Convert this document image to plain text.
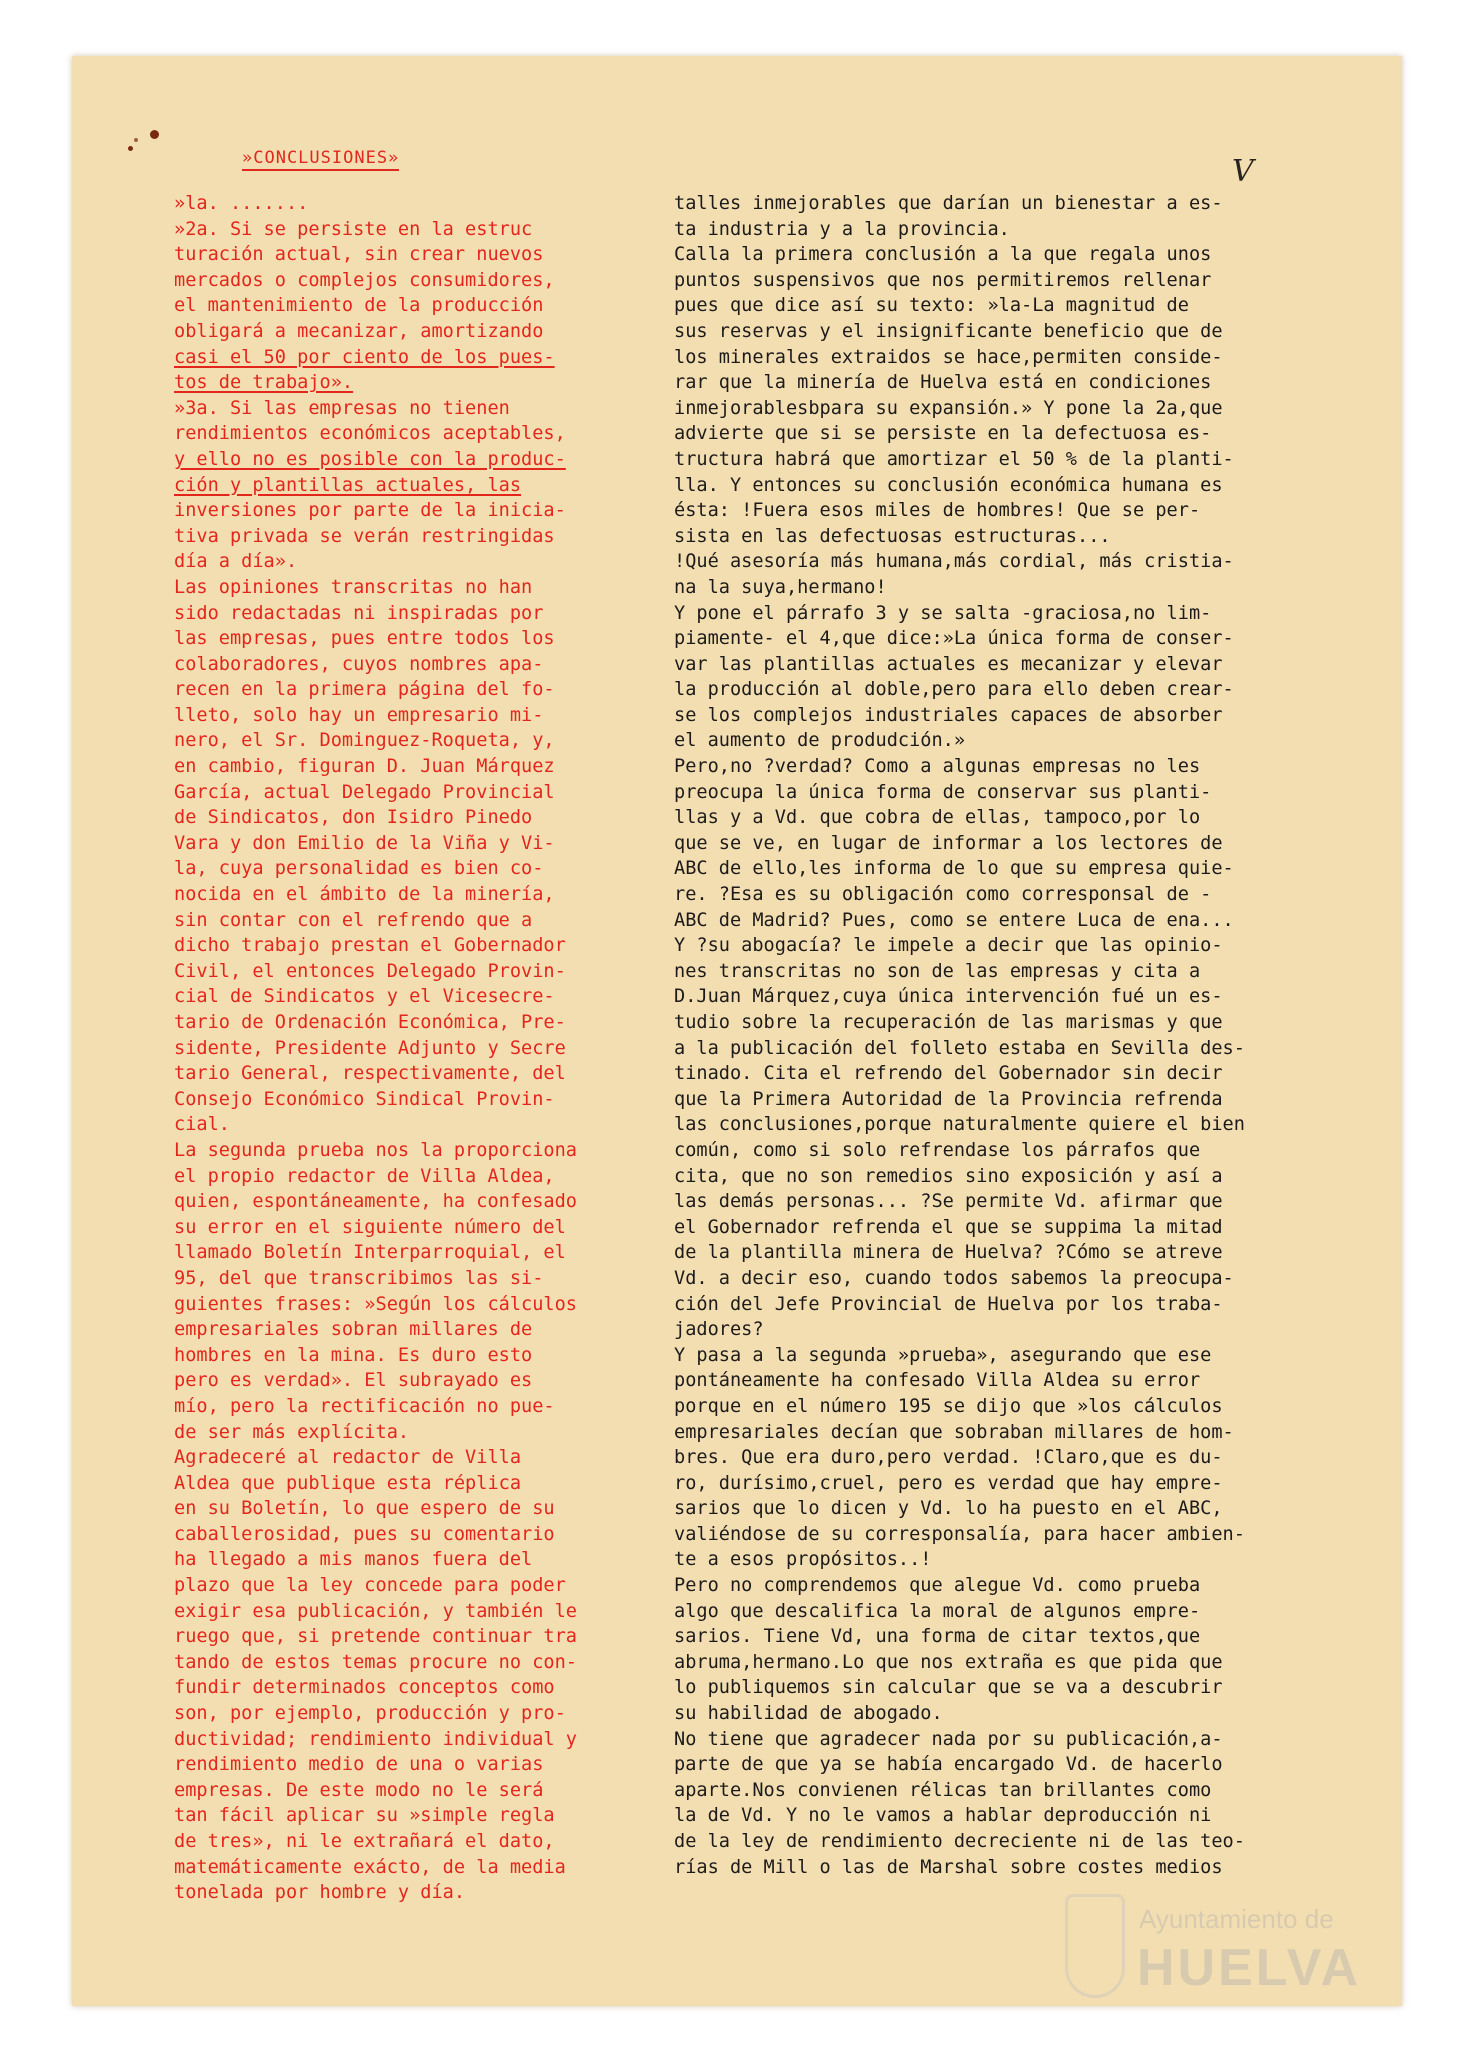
»CONCLUSIONES»	V

»la. .......

»2a. Si se persiste en la estruc

turación actual, sin crear nuevos

mercados o complejos consumidores,

el mantenimiento de la producción

obligará a mecanizar, amortizando

casi el 50 por ciento de los pues-

tos de trabajo».

»3a. Si las empresas no tienen

rendimientos económicos aceptables,

y ello no es posible con la produc-

ción y plantillas actuales, las

inversiones por parte de la inicia-

tiva privada se verán restringidas

día a día».

Las opiniones transcritas no han

sido redactadas ni inspiradas por

las empresas, pues entre todos los

colaboradores, cuyos nombres apa-

recen en la primera página del fo-

lleto, solo hay un empresario mi-

nero, el Sr. Dominguez-Roqueta, y,

en cambio, figuran D. Juan Márquez

García, actual Delegado Provincial

de Sindicatos, don Isidro Pinedo

Vara y don Emilio de la Viña y Vi-

la, cuya personalidad es bien co-

nocida en el ámbito de la minería,

sin contar con el refrendo que a

dicho trabajo prestan el Gobernador

Civil, el entonces Delegado Provin-

cial de Sindicatos y el Vicesecre-

tario de Ordenación Económica, Pre-

sidente, Presidente Adjunto y Secre

tario General, respectivamente, del

Consejo Económico Sindical Provin-

cial.

La segunda prueba nos la proporciona

el propio redactor de Villa Aldea,

quien, espontáneamente, ha confesado

su error en el siguiente número del

llamado Boletín Interparroquial, el

95, del que transcribimos las si-

guientes frases: »Según los cálculos

empresariales sobran millares de

hombres en la mina. Es duro esto

pero es verdad». El subrayado es

mío, pero la rectificación no pue-

de ser más explícita.

Agradeceré al redactor de Villa

Aldea que publique esta réplica

en su Boletín, lo que espero de su

caballerosidad, pues su comentario

ha llegado a mis manos fuera del

plazo que la ley concede para poder

exigir esa publicación, y también le

ruego que, si pretende continuar tra

tando de estos temas procure no con-

fundir determinados conceptos como

son, por ejemplo, producción y pro-

ductividad; rendimiento individual y

rendimiento medio de una o varias

empresas. De este modo no le será

tan fácil aplicar su »simple regla

de tres», ni le extrañará el dato,

matemáticamente exácto, de la media

tonelada por hombre y día.

talles inmejorables que darían un bienestar a es-

ta industria y a la provincia.

Calla la primera conclusión a la que regala unos

puntos suspensivos que nos permitiremos rellenar

pues que dice así su texto: »la-La magnitud de

sus reservas y el insignificante beneficio que de

los minerales extraidos se hace,permiten conside-

rar que la minería de Huelva está en condiciones

inmejorablesbpara su expansión.» Y pone la 2a,que

advierte que si se persiste en la defectuosa es-

tructura habrá que amortizar el 50 % de la planti-

lla. Y entonces su conclusión económica humana es

ésta: !Fuera esos miles de hombres! Que se per-

sista en las defectuosas estructuras...

!Qué asesoría más humana,más cordial, más cristia-

na la suya,hermano!

Y pone el párrafo 3 y se salta -graciosa,no lim-

piamente- el 4,que dice:»La única forma de conser-

var las plantillas actuales es mecanizar y elevar

la producción al doble,pero para ello deben crear-

se los complejos industriales capaces de absorber

el aumento de produdción.»

Pero,no ?verdad? Como a algunas empresas no les

preocupa la única forma de conservar sus planti-

llas y a Vd. que cobra de ellas, tampoco,por lo

que se ve, en lugar de informar a los lectores de

ABC de ello,les informa de lo que su empresa quie-

re. ?Esa es su obligación como corresponsal de -

ABC de Madrid? Pues, como se entere Luca de ena...

Y ?su abogacía? le impele a decir que las opinio-

nes transcritas no son de las empresas y cita a

D.Juan Márquez,cuya única intervención fué un es-

tudio sobre la recuperación de las marismas y que

a la publicación del folleto estaba en Sevilla des-

tinado. Cita el refrendo del Gobernador sin decir

que la Primera Autoridad de la Provincia refrenda

las conclusiones,porque naturalmente quiere el bien

común, como si solo refrendase los párrafos que

cita, que no son remedios sino exposición y así a

las demás personas... ?Se permite Vd. afirmar que

el Gobernador refrenda el que se suppima la mitad

de la plantilla minera de Huelva? ?Cómo se atreve

Vd. a decir eso, cuando todos sabemos la preocupa-

ción del Jefe Provincial de Huelva por los traba-

jadores?

Y pasa a la segunda »prueba», asegurando que ese

pontáneamente ha confesado Villa Aldea su error

porque en el número 195 se dijo que »los cálculos

empresariales decían que sobraban millares de hom-

bres. Que era duro,pero verdad. !Claro,que es du-

ro, durísimo,cruel, pero es verdad que hay empre-

sarios que lo dicen y Vd. lo ha puesto en el ABC,

valiéndose de su corresponsalía, para hacer ambien-

te a esos propósitos..!

Pero no comprendemos que alegue Vd. como prueba

algo que descalifica la moral de algunos empre-

sarios. Tiene Vd, una forma de citar textos,que

abruma,hermano.Lo que nos extraña es que pida que

lo publiquemos sin calcular que se va a descubrir

su habilidad de abogado.

No tiene que agradecer nada por su publicación,a-

parte de que ya se había encargado Vd. de hacerlo

aparte.Nos convienen rélicas tan brillantes como

la de Vd. Y no le vamos a hablar deproducción ni

de la ley de rendimiento decreciente ni de las teo-

rías de Mill o las de Marshal sobre costes medios

Ayuntamiento de
HUELVA
